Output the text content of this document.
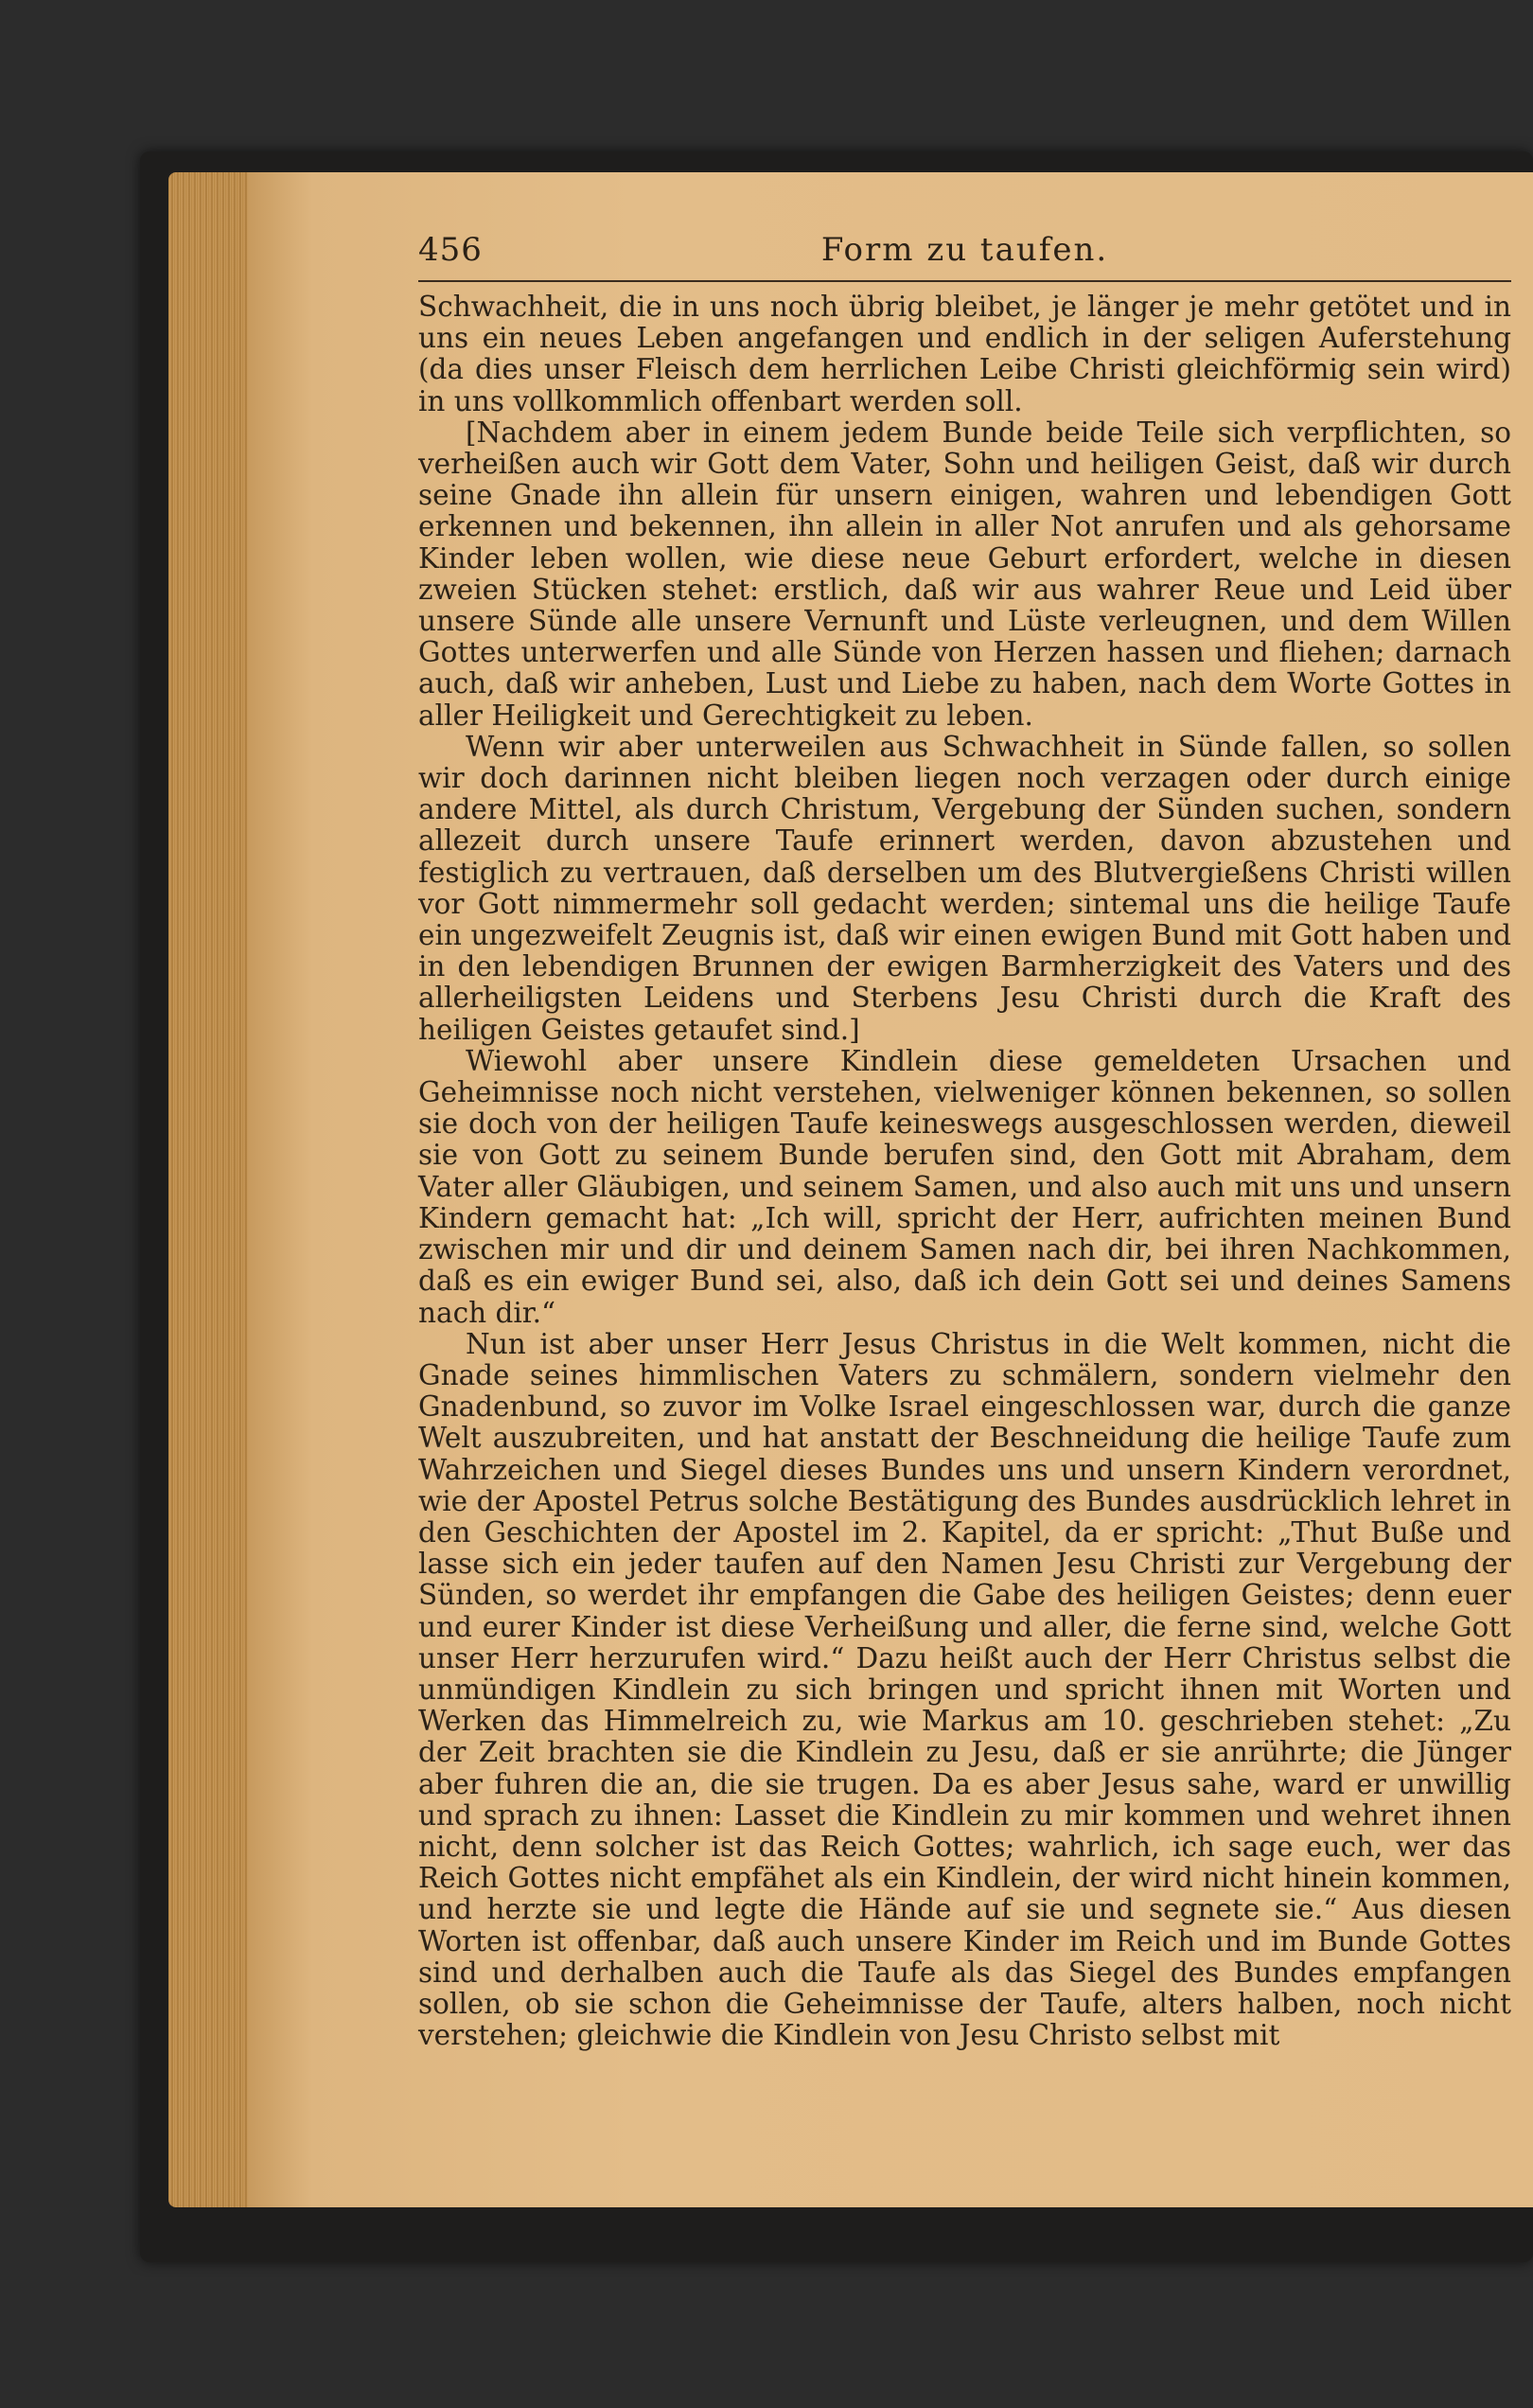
456	Form zu taufen.

Schwachheit, die in uns noch übrig bleibet, je länger je mehr getötet und in uns ein neues Leben angefangen und endlich in der seligen Auferstehung (da dies unser Fleisch dem herrlichen Leibe Christi gleichförmig sein wird) in uns vollkommlich offenbart werden soll.

[Nachdem aber in einem jedem Bunde beide Teile sich verpflichten, so verheißen auch wir Gott dem Vater, Sohn und heiligen Geist, daß wir durch seine Gnade ihn allein für unsern einigen, wahren und lebendigen Gott erkennen und bekennen, ihn allein in aller Not anrufen und als gehorsame Kinder leben wollen, wie diese neue Geburt erfordert, welche in diesen zweien Stücken stehet: erstlich, daß wir aus wahrer Reue und Leid über unsere Sünde alle unsere Vernunft und Lüste verleugnen, und dem Willen Gottes unterwerfen und alle Sünde von Herzen hassen und fliehen; darnach auch, daß wir anheben, Lust und Liebe zu haben, nach dem Worte Gottes in aller Heiligkeit und Gerechtigkeit zu leben.

Wenn wir aber unterweilen aus Schwachheit in Sünde fallen, so sollen wir doch darinnen nicht bleiben liegen noch verzagen oder durch einige andere Mittel, als durch Christum, Vergebung der Sünden suchen, sondern allezeit durch unsere Taufe erinnert werden, davon abzustehen und festiglich zu vertrauen, daß derselben um des Blutvergießens Christi willen vor Gott nimmermehr soll gedacht werden; sintemal uns die heilige Taufe ein ungezweifelt Zeugnis ist, daß wir einen ewigen Bund mit Gott haben und in den lebendigen Brunnen der ewigen Barmherzigkeit des Vaters und des allerheiligsten Leidens und Sterbens Jesu Christi durch die Kraft des heiligen Geistes getaufet sind.]

Wiewohl aber unsere Kindlein diese gemeldeten Ursachen und Geheimnisse noch nicht verstehen, vielweniger können bekennen, so sollen sie doch von der heiligen Taufe keineswegs ausgeschlossen werden, dieweil sie von Gott zu seinem Bunde berufen sind, den Gott mit Abraham, dem Vater aller Gläubigen, und seinem Samen, und also auch mit uns und unsern Kindern gemacht hat: „Ich will, spricht der Herr, aufrichten meinen Bund zwischen mir und dir und deinem Samen nach dir, bei ihren Nachkommen, daß es ein ewiger Bund sei, also, daß ich dein Gott sei und deines Samens nach dir.“

Nun ist aber unser Herr Jesus Christus in die Welt kommen, nicht die Gnade seines himmlischen Vaters zu schmälern, sondern vielmehr den Gnadenbund, so zuvor im Volke Israel eingeschlossen war, durch die ganze Welt auszubreiten, und hat anstatt der Beschneidung die heilige Taufe zum Wahrzeichen und Siegel dieses Bundes uns und unsern Kindern verordnet, wie der Apostel Petrus solche Bestätigung des Bundes ausdrücklich lehret in den Geschichten der Apostel im 2. Kapitel, da er spricht: „Thut Buße und lasse sich ein jeder taufen auf den Namen Jesu Christi zur Vergebung der Sünden, so werdet ihr empfangen die Gabe des heiligen Geistes; denn euer und eurer Kinder ist diese Verheißung und aller, die ferne sind, welche Gott unser Herr herzurufen wird.“ Dazu heißt auch der Herr Christus selbst die unmündigen Kindlein zu sich bringen und spricht ihnen mit Worten und Werken das Himmelreich zu, wie Markus am 10. geschrieben stehet: „Zu der Zeit brachten sie die Kindlein zu Jesu, daß er sie anrührte; die Jünger aber fuhren die an, die sie trugen. Da es aber Jesus sahe, ward er unwillig und sprach zu ihnen: Lasset die Kindlein zu mir kommen und wehret ihnen nicht, denn solcher ist das Reich Gottes; wahrlich, ich sage euch, wer das Reich Gottes nicht empfähet als ein Kindlein, der wird nicht hinein kommen, und herzte sie und legte die Hände auf sie und segnete sie.“ Aus diesen Worten ist offenbar, daß auch unsere Kinder im Reich und im Bunde Gottes sind und derhalben auch die Taufe als das Siegel des Bundes empfangen sollen, ob sie schon die Geheimnisse der Taufe, alters halben, noch nicht verstehen; gleichwie die Kindlein von Jesu Christo selbst mit
